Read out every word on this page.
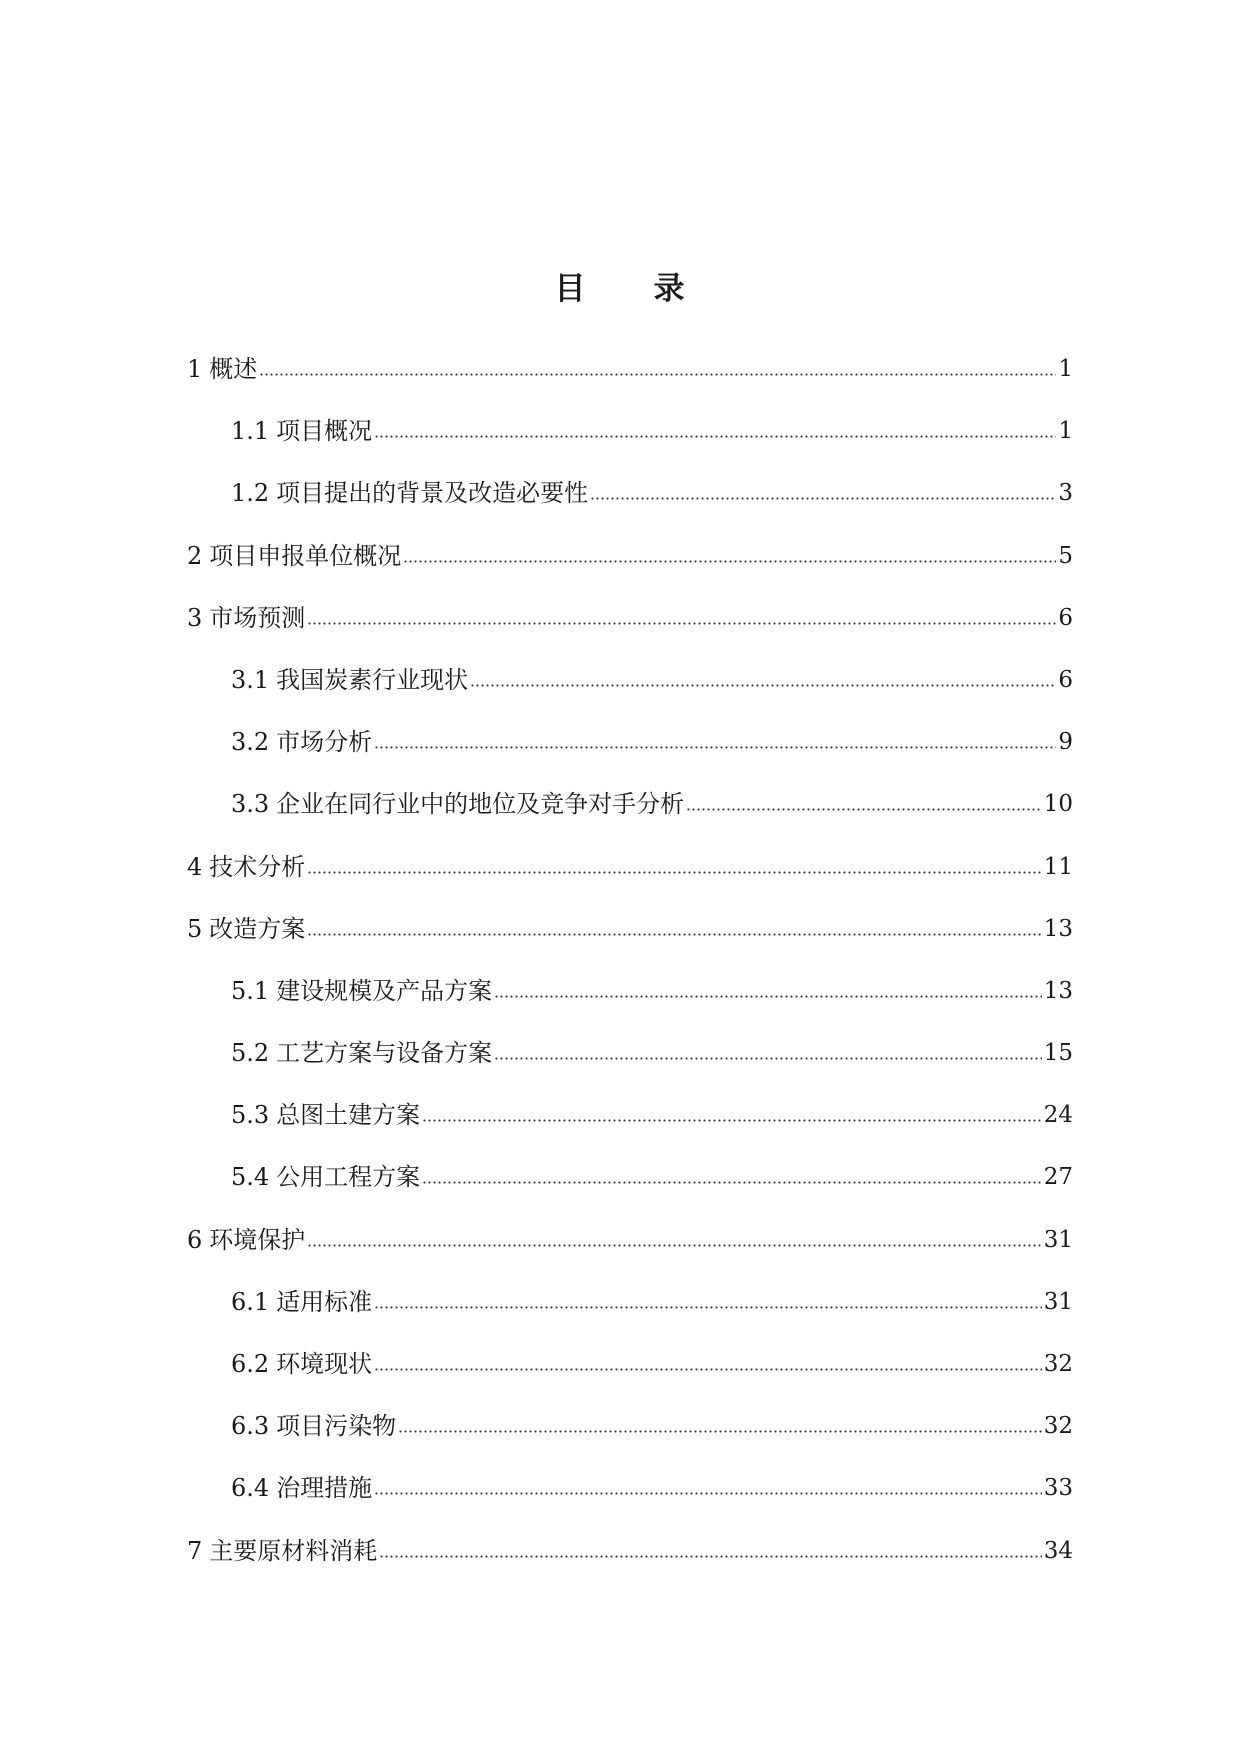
目　　录
1 概述	1
1.1 项目概况	1
1.2 项目提出的背景及改造必要性	3
2 项目申报单位概况	5
3 市场预测	6
3.1 我国炭素行业现状	6
3.2 市场分析	9
3.3 企业在同行业中的地位及竞争对手分析	10
4 技术分析	11
5 改造方案	13
5.1 建设规模及产品方案	13
5.2 工艺方案与设备方案	15
5.3 总图土建方案	24
5.4 公用工程方案	27
6 环境保护	31
6.1 适用标准	31
6.2 环境现状	32
6.3 项目污染物	32
6.4 治理措施	33
7 主要原材料消耗	34
